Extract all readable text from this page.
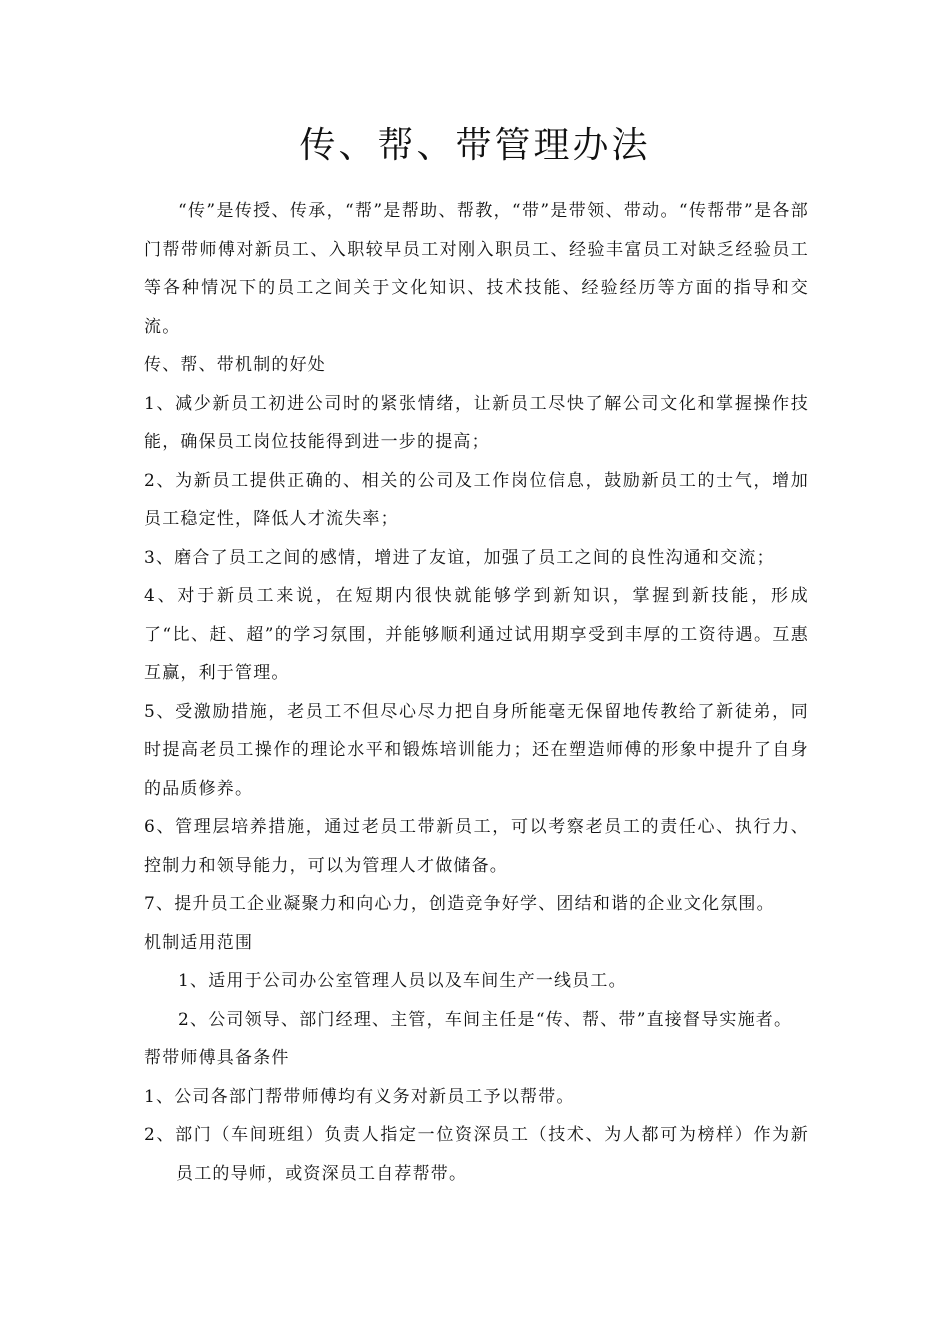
传、帮、带管理办法

“传”是传授、传承，“帮”是帮助、帮教，“带”是带领、带动。“传帮带”是各部门帮带师傅对新员工、入职较早员工对刚入职员工、经验丰富员工对缺乏经验员工等各种情况下的员工之间关于文化知识、技术技能、经验经历等方面的指导和交流。

传、帮、带机制的好处

1、减少新员工初进公司时的紧张情绪，让新员工尽快了解公司文化和掌握操作技能，确保员工岗位技能得到进一步的提高；

2、为新员工提供正确的、相关的公司及工作岗位信息，鼓励新员工的士气，增加员工稳定性，降低人才流失率；

3、磨合了员工之间的感情，增进了友谊，加强了员工之间的良性沟通和交流；

4、对于新员工来说，在短期内很快就能够学到新知识，掌握到新技能，形成了“比、赶、超”的学习氛围，并能够顺利通过试用期享受到丰厚的工资待遇。互惠互赢，利于管理。

5、受激励措施，老员工不但尽心尽力把自身所能毫无保留地传教给了新徒弟，同时提高老员工操作的理论水平和锻炼培训能力；还在塑造师傅的形象中提升了自身的品质修养。

6、管理层培养措施，通过老员工带新员工，可以考察老员工的责任心、执行力、控制力和领导能力，可以为管理人才做储备。

7、提升员工企业凝聚力和向心力，创造竞争好学、团结和谐的企业文化氛围。

机制适用范围

1、适用于公司办公室管理人员以及车间生产一线员工。

2、公司领导、部门经理、主管，车间主任是“传、帮、带”直接督导实施者。

帮带师傅具备条件

1、公司各部门帮带师傅均有义务对新员工予以帮带。

2、部门（车间班组）负责人指定一位资深员工（技术、为人都可为榜样）作为新员工的导师，或资深员工自荐帮带。
